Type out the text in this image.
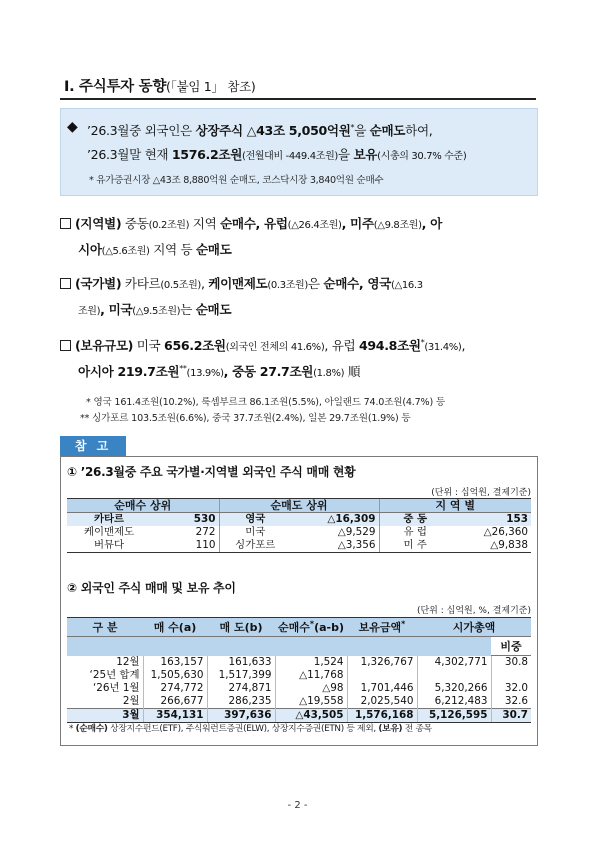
Ⅰ. 주식투자 동향(「붙임 1」 참조)
◆ ’26.3월중 외국인은 상장주식 △43조 5,050억원*을 순매도하여,
’26.3월말 현재 1576.2조원(전월대비 -449.4조원)을 보유(시총의 30.7% 수준)
* 유가증권시장 △43조 8,880억원 순매도, 코스닥시장 3,840억원 순매수
(지역별) 중동(0.2조원) 지역 순매수, 유럽(△26.4조원), 미주(△9.8조원), 아
시아(△5.6조원) 지역 등 순매도
(국가별) 카타르(0.5조원), 케이맨제도(0.3조원)은 순매수, 영국(△16.3
조원), 미국(△9.5조원)는 순매도
(보유규모) 미국 656.2조원(외국인 전체의 41.6%), 유럽 494.8조원*(31.4%),
아시아 219.7조원**(13.9%), 중동 27.7조원(1.8%) 順
* 영국 161.4조원(10.2%), 룩셈부르크 86.1조원(5.5%), 아일랜드 74.0조원(4.7%) 등
** 싱가포르 103.5조원(6.6%), 중국 37.7조원(2.4%), 일본 29.7조원(1.9%) 등
참 고
① ’26.3월중 주요 국가별·지역별 외국인 주식 매매 현황
(단위 : 십억원, 결제기준)
순매수 상위		순매도 상위		지 역 별	
카타르	530	영국	△16,309	중 동	153
케이맨제도	272	미국	△9,529	유 럽	△26,360
버뮤다	110	싱가포르	△3,356	미 주	△9,838
② 외국인 주식 매매 및 보유 추이
(단위 : 십억원, %, 결제기준)
구 분	매 수(a)	매 도(b)	순매수*(a-b)	보유금액*	시가총액	
						비중
12월	163,157	161,633	1,524	1,326,767	4,302,771	30.8
‘25년 합계	1,505,630	1,517,399	△11,768			
‘26년 1월	274,772	274,871	△98	1,701,446	5,320,266	32.0
2월	266,677	286,235	△19,558	2,025,540	6,212,483	32.6
3월	354,131	397,636	△43,505	1,576,168	5,126,595	30.7
* (순매수) 상장지수펀드(ETF), 주식워런트증권(ELW), 상장지수증권(ETN) 등 제외, (보유) 전 종목
- 2 -
